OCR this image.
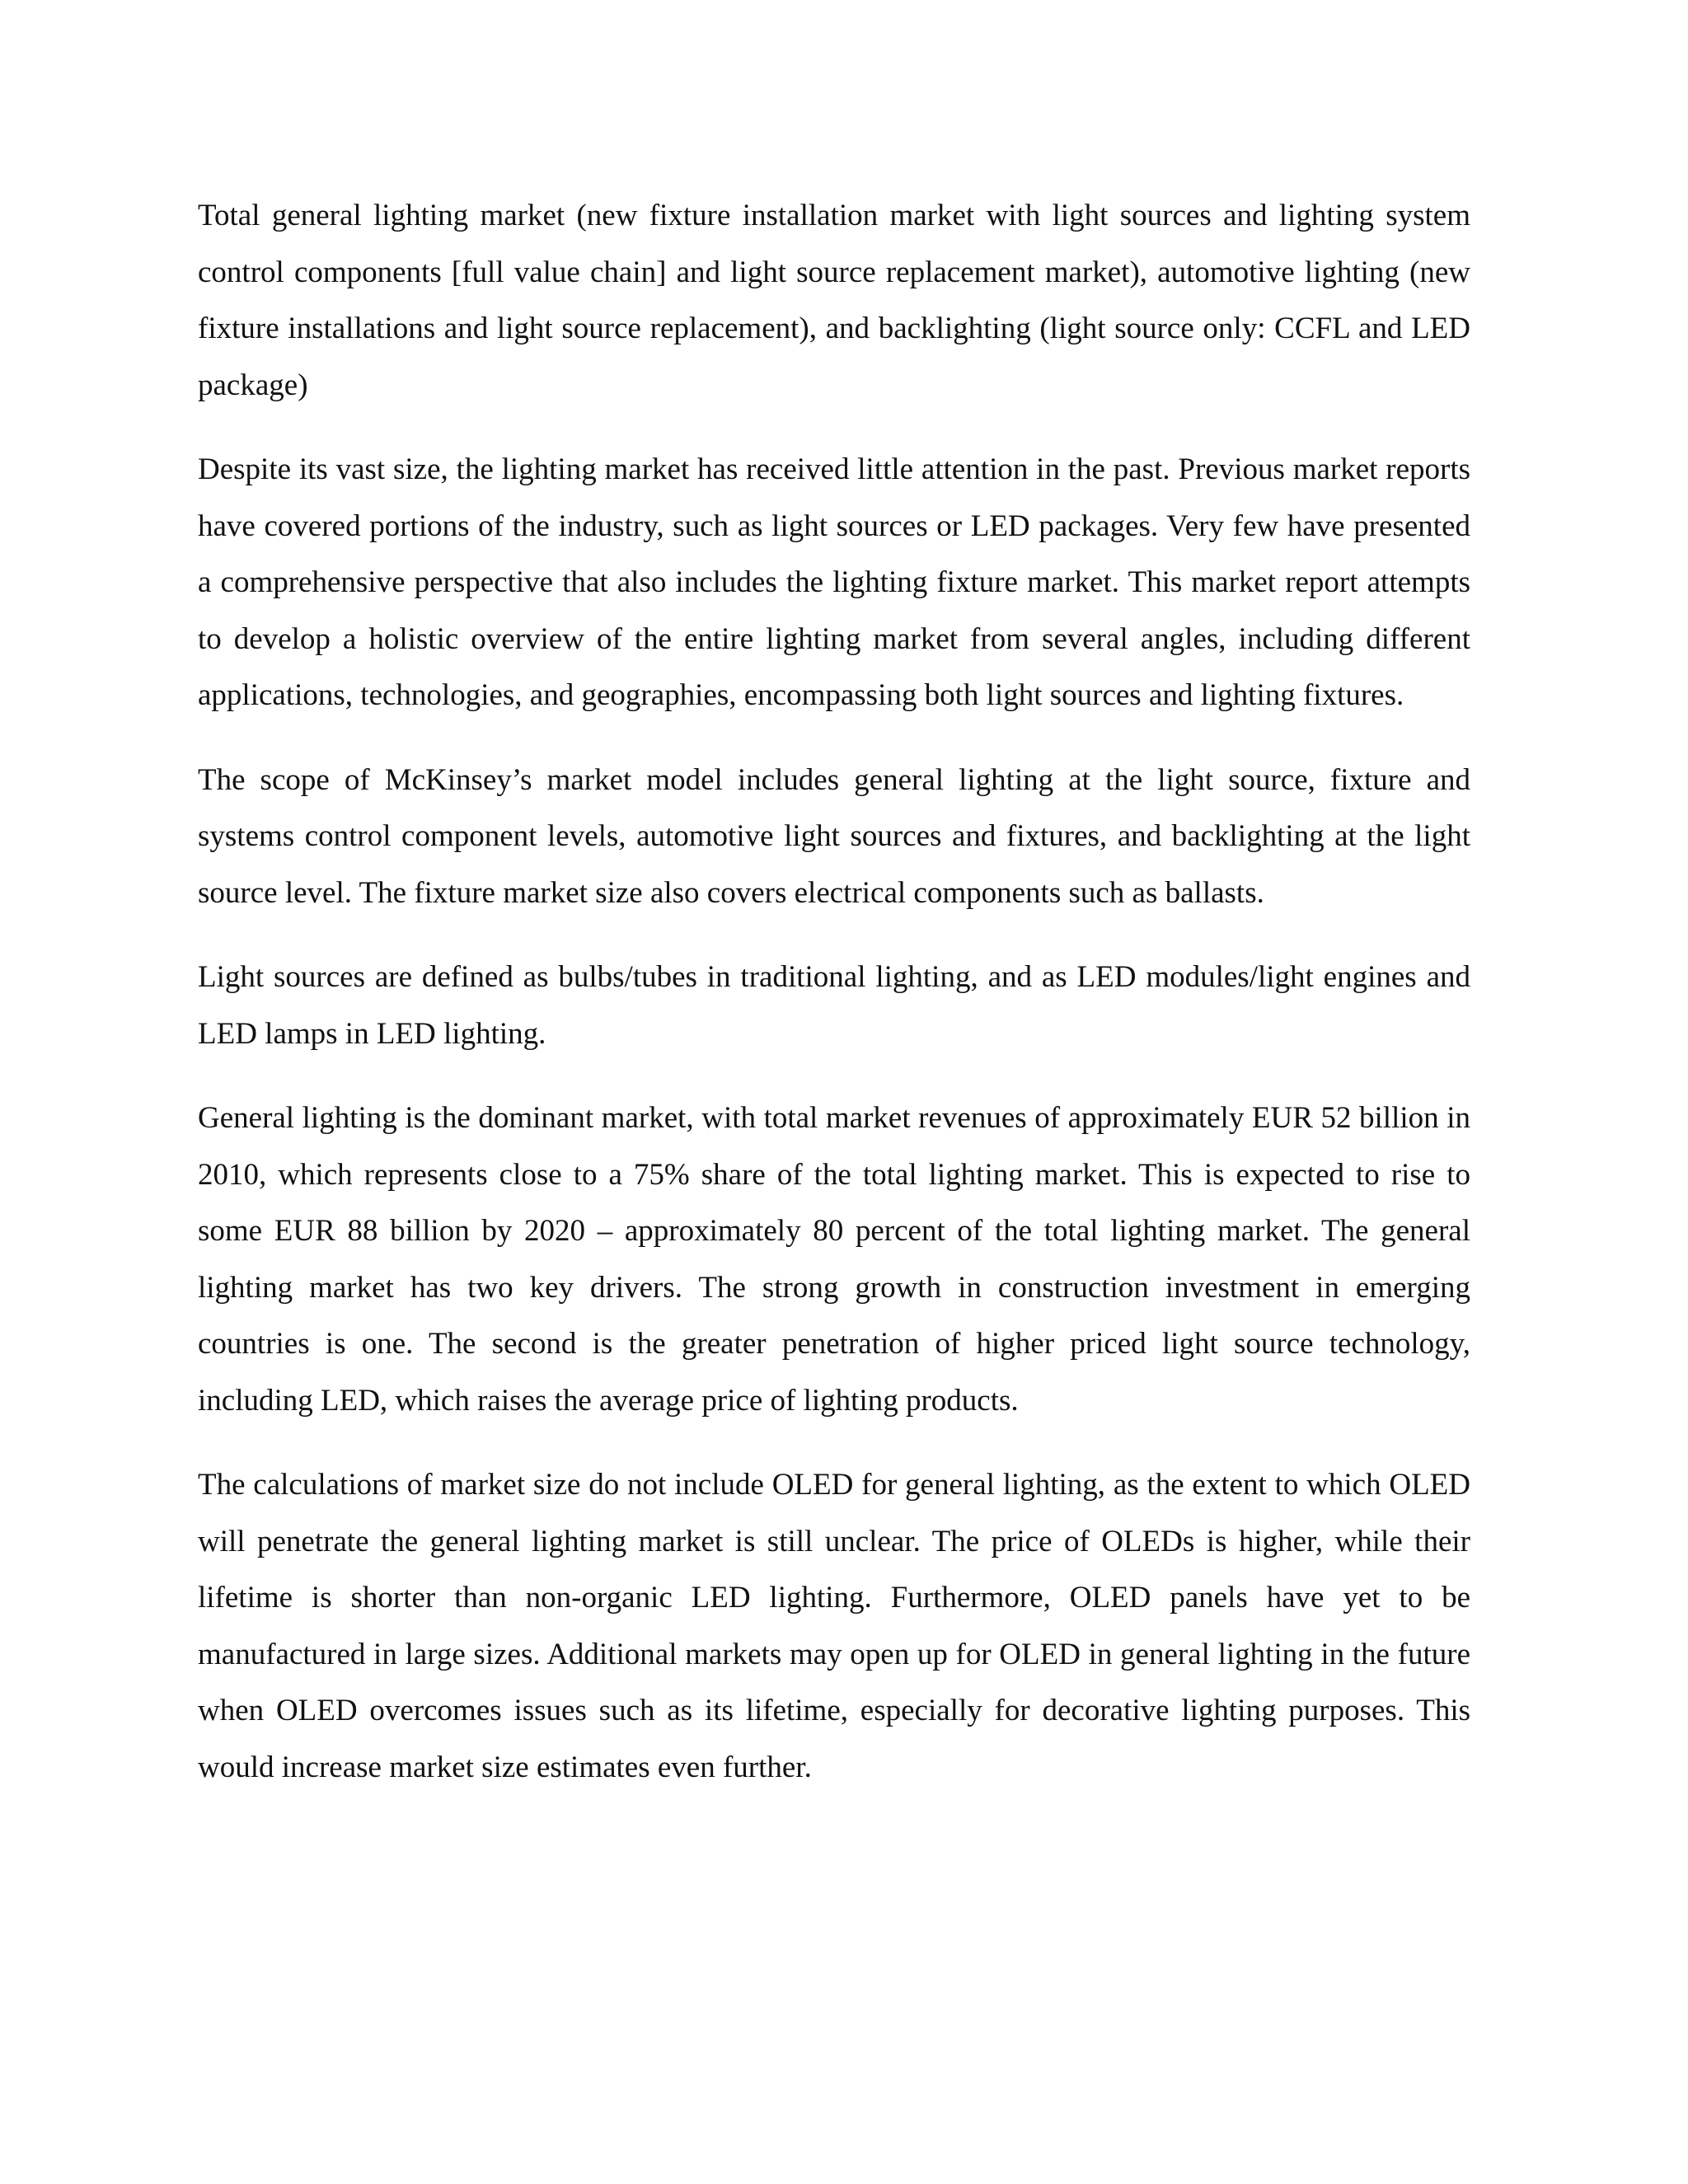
Total general lighting market (new fixture installation market with light sources and lighting system control components [full value chain] and light source replacement market), automotive lighting (new fixture installations and light source replacement), and backlighting (light source only: CCFL and LED package)

Despite its vast size, the lighting market has received little attention in the past. Previous market reports have covered portions of the industry, such as light sources or LED packages. Very few have presented a comprehensive perspective that also includes the lighting fixture market. This market report attempts to develop a holistic overview of the entire lighting market from several angles, including different applications, technologies, and geographies, encompassing both light sources and lighting fixtures.

The scope of McKinsey’s market model includes general lighting at the light source, fixture and systems control component levels, automotive light sources and fixtures, and backlighting at the light source level. The fixture market size also covers electrical components such as ballasts.

Light sources are defined as bulbs/tubes in traditional lighting, and as LED modules/light engines and LED lamps in LED lighting.

General lighting is the dominant market, with total market revenues of approximately EUR 52 billion in 2010, which represents close to a 75% share of the total lighting market. This is expected to rise to some EUR 88 billion by 2020 – approximately 80 percent of the total lighting market. The general lighting market has two key drivers. The strong growth in construction investment in emerging countries is one. The second is the greater penetration of higher priced light source technology, including LED, which raises the average price of lighting products.

The calculations of market size do not include OLED for general lighting, as the extent to which OLED will penetrate the general lighting market is still unclear. The price of OLEDs is higher, while their lifetime is shorter than non-organic LED lighting. Furthermore, OLED panels have yet to be manufactured in large sizes. Additional markets may open up for OLED in general lighting in the future when OLED overcomes issues such as its lifetime, especially for decorative lighting purposes. This would increase market size estimates even further.
